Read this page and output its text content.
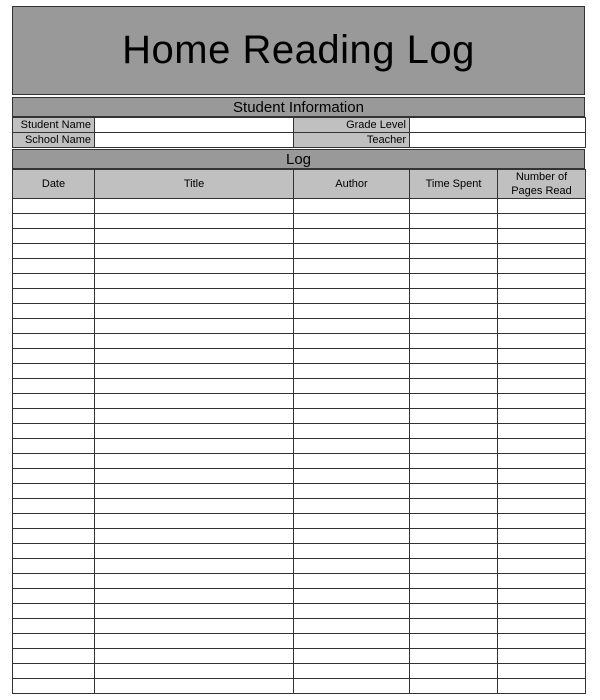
Home Reading Log
Student Information
Student Name		Grade Level	
School Name		Teacher	
Log
Date	Title	Author	Time Spent	Number of Pages Read
